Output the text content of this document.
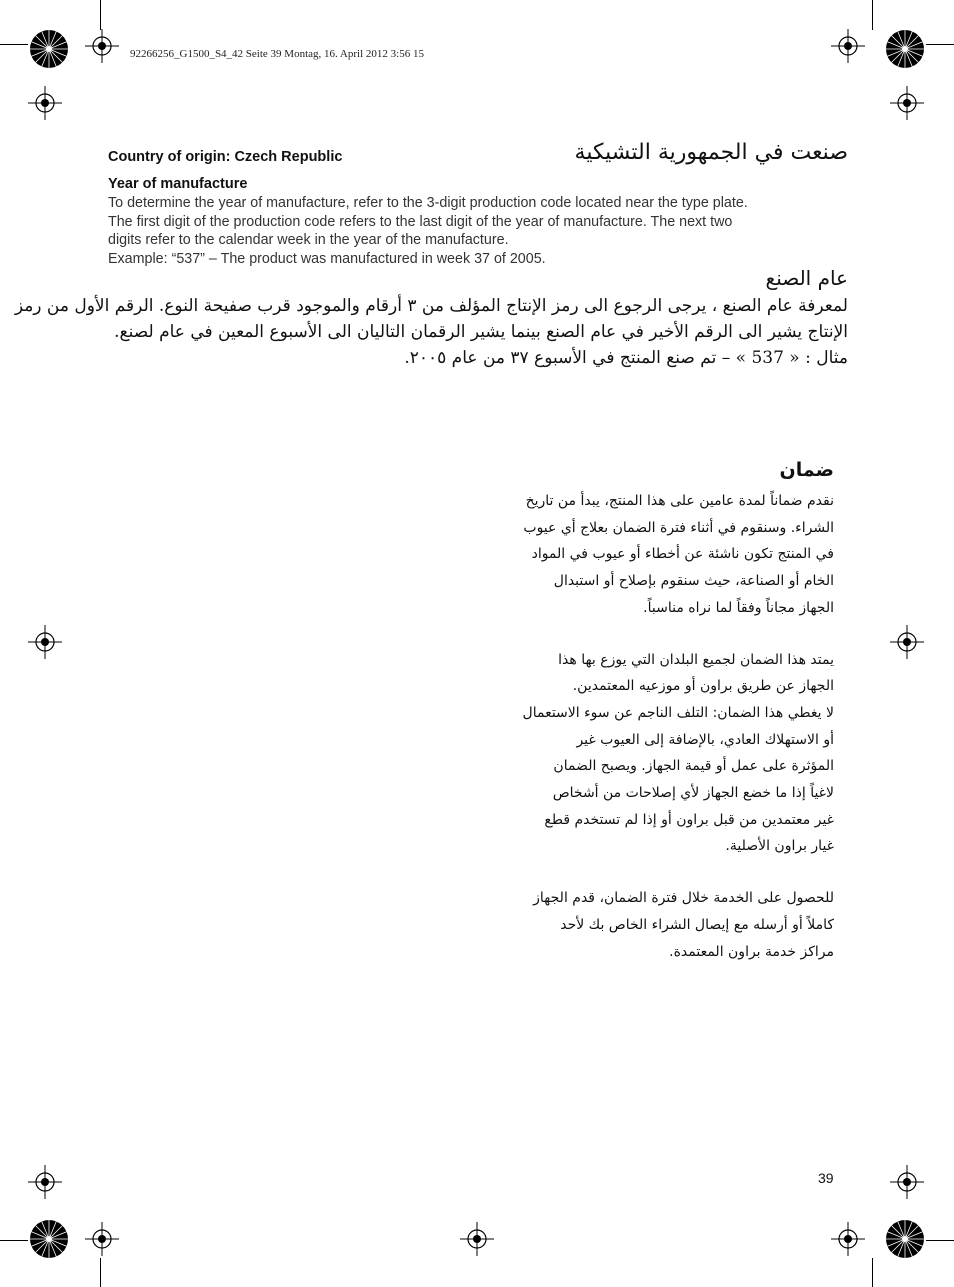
92266256_G1500_S4_42 Seite 39 Montag, 16. April 2012 3:56 15
Country of origin: Czech Republic	صنعت في الجمهورية التشيكية
Year of manufacture

To determine the year of manufacture, refer to the 3-digit production code located near the type plate.

The first digit of the production code refers to the last digit of the year of manufacture. The next two

digits refer to the calendar week in the year of the manufacture.

Example: “537” – The product was manufactured in week 37 of 2005.

عام الصنع

لمعرفة عام الصنع ، يرجى الرجوع الى رمز الإنتاج المؤلف من ٣ أرقام والموجود قرب صفيحة النوع. الرقم الأول من رمز

الإنتاج يشير الى الرقم الأخير في عام الصنع بينما يشير الرقمان التاليان الى الأسبوع المعين في عام لصنع.

مثال : « 537 » – تم صنع المنتج في الأسبوع ٣٧ من عام ٢٠٠٥.

ضمان

نقدم ضماناً لمدة عامين على هذا المنتج، يبدأ من تاريخ
الشراء. وسنقوم في أثناء فترة الضمان بعلاج أي عيوب
في المنتج تكون ناشئة عن أخطاء أو عيوب في المواد
الخام أو الصناعة، حيث سنقوم بإصلاح أو استبدال
الجهاز مجاناً وفقاً لما نراه مناسباً.

يمتد هذا الضمان لجميع البلدان التي يوزع بها هذا
الجهاز عن طريق براون أو موزعيه المعتمدين.
لا يغطي هذا الضمان: التلف الناجم عن سوء الاستعمال
أو الاستهلاك العادي، بالإضافة إلى العيوب غير
المؤثرة على عمل أو قيمة الجهاز. ويصبح الضمان
لاغياً إذا ما خضع الجهاز لأي إصلاحات من أشخاص
غير معتمدين من قبل براون أو إذا لم تستخدم قطع
غيار براون الأصلية.

للحصول على الخدمة خلال فترة الضمان، قدم الجهاز
كاملاً أو أرسله مع إيصال الشراء الخاص بك لأحد
مراكز خدمة براون المعتمدة.

39
